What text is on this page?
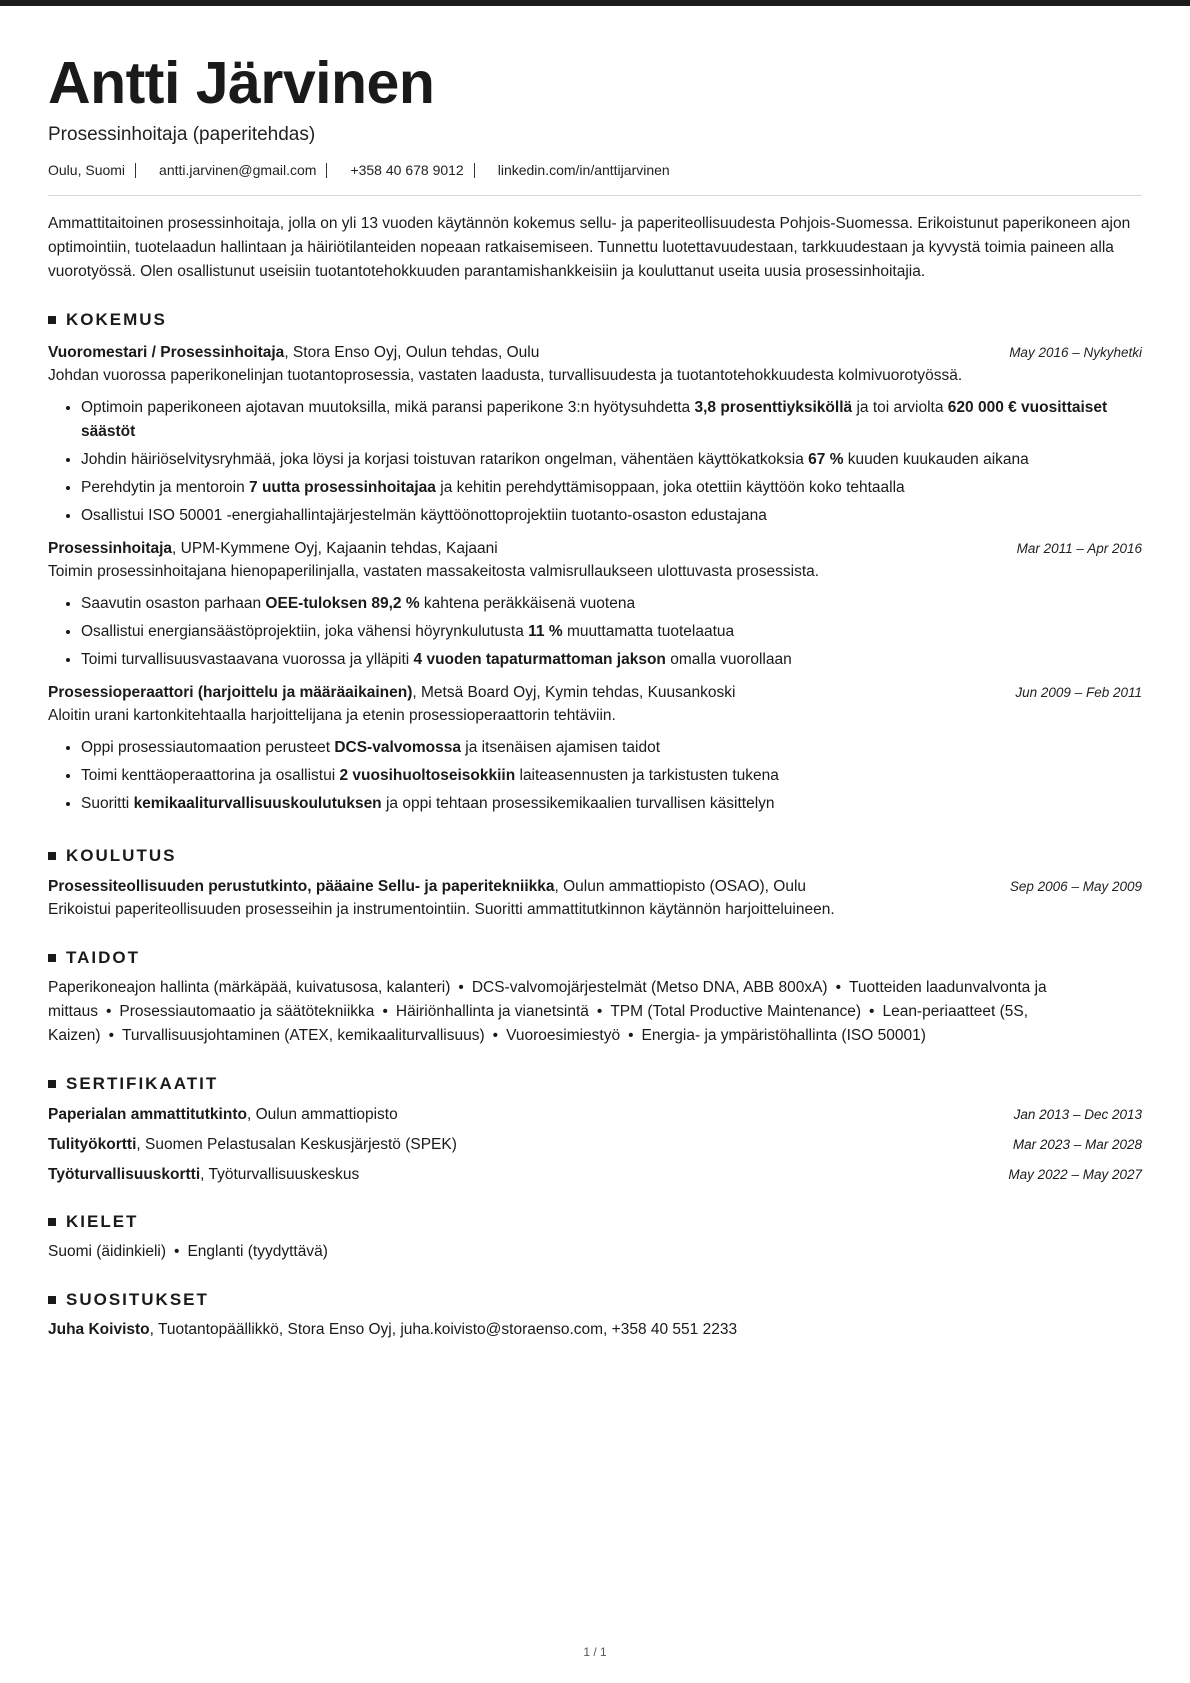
Antti Järvinen
Prosessinhoitaja (paperitehdas)
Oulu, Suomi antti.jarvinen@gmail.com +358 40 678 9012 linkedin.com/in/anttijarvinen
Ammattitaitoinen prosessinhoitaja, jolla on yli 13 vuoden käytännön kokemus sellu- ja paperiteollisuudesta Pohjois-Suomessa. Erikoistunut paperikoneen ajon optimointiin, tuotelaadun hallintaan ja häiriötilanteiden nopeaan ratkaisemiseen. Tunnettu luotettavuudestaan, tarkkuudestaan ja kyvystä toimia paineen alla vuorotyössä. Olen osallistunut useisiin tuotantotehokkuuden parantamishankkeisiin ja kouluttanut useita uusia prosessinhoitajia.
KOKEMUS
Vuoromestari / Prosessinhoitaja, Stora Enso Oyj, Oulun tehdas, Oulu	May 2016 – Nykyhetki
Johdan vuorossa paperikonelinjan tuotantoprosessia, vastaten laadusta, turvallisuudesta ja tuotantotehokkuudesta kolmivuorotyössä.
• Optimoin paperikoneen ajotavan muutoksilla, mikä paransi paperikone 3:n hyötysuhdetta 3,8 prosenttiyksiköllä ja toi arviolta 620 000 € vuosittaiset säästöt
• Johdin häiriöselvitysryhmää, joka löysi ja korjasi toistuvan ratarikon ongelman, vähentäen käyttökatkoksia 67 % kuuden kuukauden aikana
• Perehdytin ja mentoroin 7 uutta prosessinhoitajaa ja kehitin perehdyttämisoppaan, joka otettiin käyttöön koko tehtaalla
• Osallistui ISO 50001 -energiahallintajärjestelmän käyttöönottoprojektiin tuotanto-osaston edustajana
Prosessinhoitaja, UPM-Kymmene Oyj, Kajaanin tehdas, Kajaani	Mar 2011 – Apr 2016
Toimin prosessinhoitajana hienopaperilinjalla, vastaten massakeitosta valmisrullaukseen ulottuvasta prosessista.
• Saavutin osaston parhaan OEE-tuloksen 89,2 % kahtena peräkkäisenä vuotena
• Osallistui energiansäästöprojektiin, joka vähensi höyrynkulutusta 11 % muuttamatta tuotelaatua
• Toimi turvallisuusvastaavana vuorossa ja ylläpiti 4 vuoden tapaturmattoman jakson omalla vuorollaan
Prosessioperaattori (harjoittelu ja määräaikainen), Metsä Board Oyj, Kymin tehdas, Kuusankoski	Jun 2009 – Feb 2011
Aloitin urani kartonkitehtaalla harjoittelijana ja etenin prosessioperaattorin tehtäviin.
• Oppi prosessiautomaation perusteet DCS-valvomossa ja itsenäisen ajamisen taidot
• Toimi kenttäoperaattorina ja osallistui 2 vuosihuoltoseisokkiin laiteasennusten ja tarkistusten tukena
• Suoritti kemikaaliturvallisuuskoulutuksen ja oppi tehtaan prosessikemikaalien turvallisen käsittelyn
KOULUTUS
Prosessiteollisuuden perustutkinto, pääaine Sellu- ja paperitekniikka, Oulun ammattiopisto (OSAO), Oulu	Sep 2006 – May 2009
Erikoistui paperiteollisuuden prosesseihin ja instrumentointiin. Suoritti ammattitutkinnon käytännön harjoitteluineen.
TAIDOT
Paperikoneajon hallinta (märkäpää, kuivatusosa, kalanteri) • DCS-valvomojärjestelmät (Metso DNA, ABB 800xA) • Tuotteiden laadunvalvonta ja mittaus • Prosessiautomaatio ja säätötekniikka • Häiriönhallinta ja vianetsintä • TPM (Total Productive Maintenance) • Lean-periaatteet (5S, Kaizen) • Turvallisuusjohtaminen (ATEX, kemikaaliturvallisuus) • Vuoroesimiestyö • Energia- ja ympäristöhallinta (ISO 50001)
SERTIFIKAATIT
Paperialan ammattitutkinto, Oulun ammattiopisto	Jan 2013 – Dec 2013
Tulityökortti, Suomen Pelastusalan Keskusjärjestö (SPEK)	Mar 2023 – Mar 2028
Työturvallisuuskortti, Työturvallisuuskeskus	May 2022 – May 2027
KIELET
Suomi (äidinkieli) • Englanti (tyydyttävä)
SUOSITUKSET
Juha Koivisto, Tuotantopäällikkö, Stora Enso Oyj, juha.koivisto@storaenso.com, +358 40 551 2233
1 / 1
